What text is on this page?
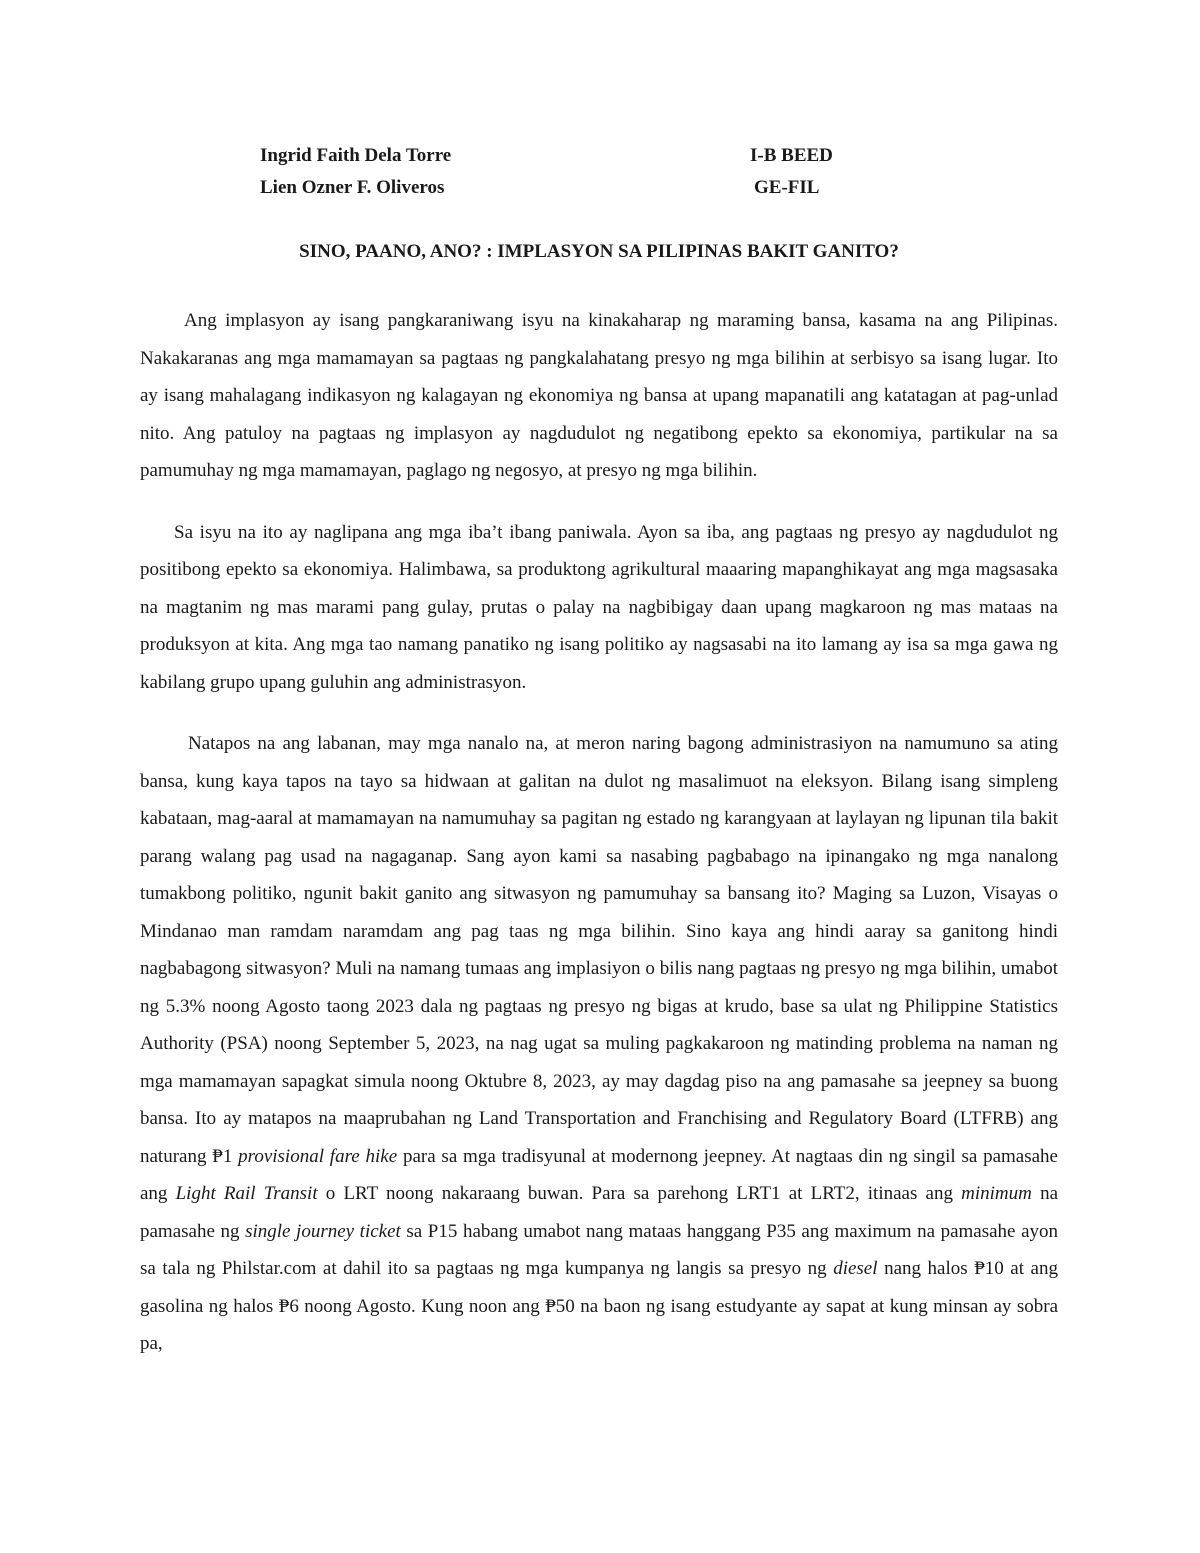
Ingrid Faith Dela Torre	I-B BEED
Lien Ozner F. Oliveros	GE-FIL
SINO, PAANO, ANO? : IMPLASYON SA PILIPINAS BAKIT GANITO?

Ang implasyon ay isang pangkaraniwang isyu na kinakaharap ng maraming bansa, kasama na ang Pilipinas. Nakakaranas ang mga mamamayan sa pagtaas ng pangkalahatang presyo ng mga bilihin at serbisyo sa isang lugar. Ito ay isang mahalagang indikasyon ng kalagayan ng ekonomiya ng bansa at upang mapanatili ang katatagan at pag-unlad nito. Ang patuloy na pagtaas ng implasyon ay nagdudulot ng negatibong epekto sa ekonomiya, partikular na sa pamumuhay ng mga mamamayan, paglago ng negosyo, at presyo ng mga bilihin.

Sa isyu na ito ay naglipana ang mga iba’t ibang paniwala. Ayon sa iba, ang pagtaas ng presyo ay nagdudulot ng positibong epekto sa ekonomiya. Halimbawa, sa produktong agrikultural maaaring mapanghikayat ang mga magsasaka na magtanim ng mas marami pang gulay, prutas o palay na nagbibigay daan upang magkaroon ng mas mataas na produksyon at kita. Ang mga tao namang panatiko ng isang politiko ay nagsasabi na ito lamang ay isa sa mga gawa ng kabilang grupo upang guluhin ang administrasyon.

Natapos na ang labanan, may mga nanalo na, at meron naring bagong administrasiyon na namumuno sa ating bansa, kung kaya tapos na tayo sa hidwaan at galitan na dulot ng masalimuot na eleksyon. Bilang isang simpleng kabataan, mag-aaral at mamamayan na namumuhay sa pagitan ng estado ng karangyaan at laylayan ng lipunan tila bakit parang walang pag usad na nagaganap. Sang ayon kami sa nasabing pagbabago na ipinangako ng mga nanalong tumakbong politiko, ngunit bakit ganito ang sitwasyon ng pamumuhay sa bansang ito? Maging sa Luzon, Visayas o Mindanao man ramdam naramdam ang pag taas ng mga bilihin. Sino kaya ang hindi aaray sa ganitong hindi nagbabagong sitwasyon? Muli na namang tumaas ang implasiyon o bilis nang pagtaas ng presyo ng mga bilihin, umabot ng 5.3% noong Agosto taong 2023 dala ng pagtaas ng presyo ng bigas at krudo, base sa ulat ng Philippine Statistics Authority (PSA) noong September 5, 2023, na nag ugat sa muling pagkakaroon ng matinding problema na naman ng mga mamamayan sapagkat simula noong Oktubre 8, 2023, ay may dagdag piso na ang pamasahe sa jeepney sa buong bansa. Ito ay matapos na maaprubahan ng Land Transportation and Franchising and Regulatory Board (LTFRB) ang naturang ₱1 provisional fare hike para sa mga tradisyunal at modernong jeepney. At nagtaas din ng singil sa pamasahe ang Light Rail Transit o LRT noong nakaraang buwan. Para sa parehong LRT1 at LRT2, itinaas ang minimum na pamasahe ng single journey ticket sa P15 habang umabot nang mataas hanggang P35 ang maximum na pamasahe ayon sa tala ng Philstar.com at dahil ito sa pagtaas ng mga kumpanya ng langis sa presyo ng diesel nang halos ₱10 at ang gasolina ng halos ₱6 noong Agosto. Kung noon ang ₱50 na baon ng isang estudyante ay sapat at kung minsan ay sobra pa,
